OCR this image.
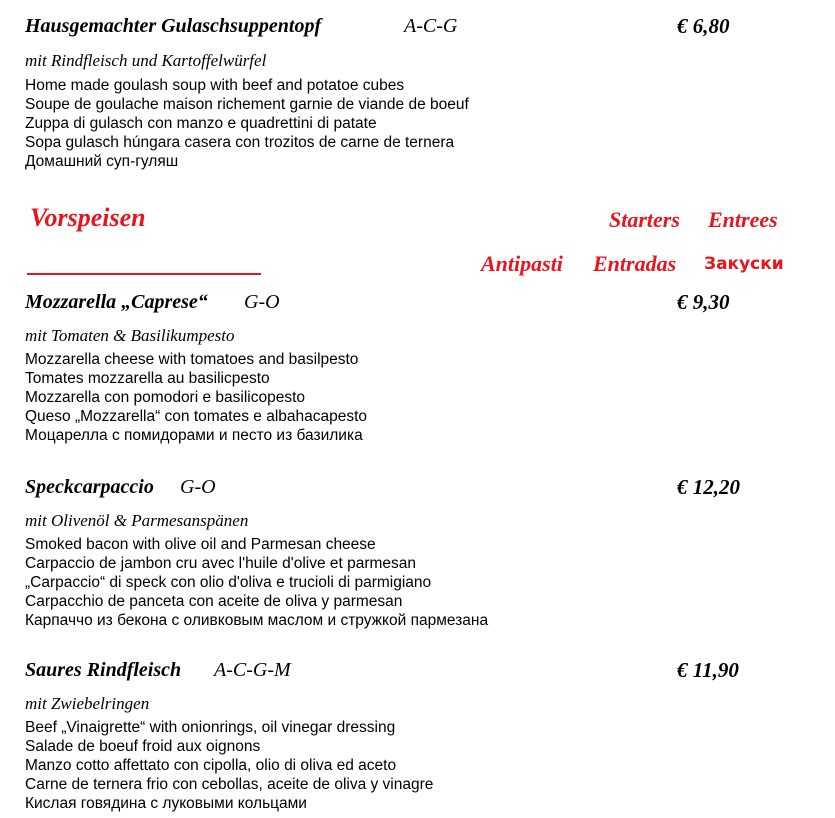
Hausgemachter Gulaschsuppentopf	A-C-G	€ 6,80
mit Rindfleisch und Kartoffelwürfel
Home made goulash soup with beef and potatoe cubes
Soupe de goulache maison richement garnie de viande de boeuf
Zuppa di gulasch con manzo e quadrettini di patate
Sopa gulasch húngara casera con trozitos de carne de ternera
Домашний суп-гуляш
Vorspeisen	Starters Entrees
Antipasti Entradas Закуски
Mozzarella „Caprese“ G-O	€ 9,30
mit Tomaten & Basilikumpesto
Mozzarella cheese with tomatoes and basilpesto
Tomates mozzarella au basilicpesto
Mozzarella con pomodori e basilicopesto
Queso „Mozzarella“ con tomates e albahacapesto
Моцарелла с помидорами и песто из базилика
Speckcarpaccio G-O	€ 12,20
mit Olivenöl & Parmesanspänen
Smoked bacon with olive oil and Parmesan cheese
Carpaccio de jambon cru avec l'huile d'olive et parmesan
„Carpaccio“ di speck con olio d'oliva e trucioli di parmigiano
Carpacchio de panceta con aceite de oliva y parmesan
Карпаччо из бекона с оливковым маслом и стружкой пармезана
Saures Rindfleisch A-C-G-M	€ 11,90
mit Zwiebelringen
Beef „Vinaigrette“ with onionrings, oil vinegar dressing
Salade de boeuf froid aux oignons
Manzo cotto affettato con cipolla, olio di oliva ed aceto
Carne de ternera frio con cebollas, aceite de oliva y vinagre
Кислая говядина с луковыми кольцами
